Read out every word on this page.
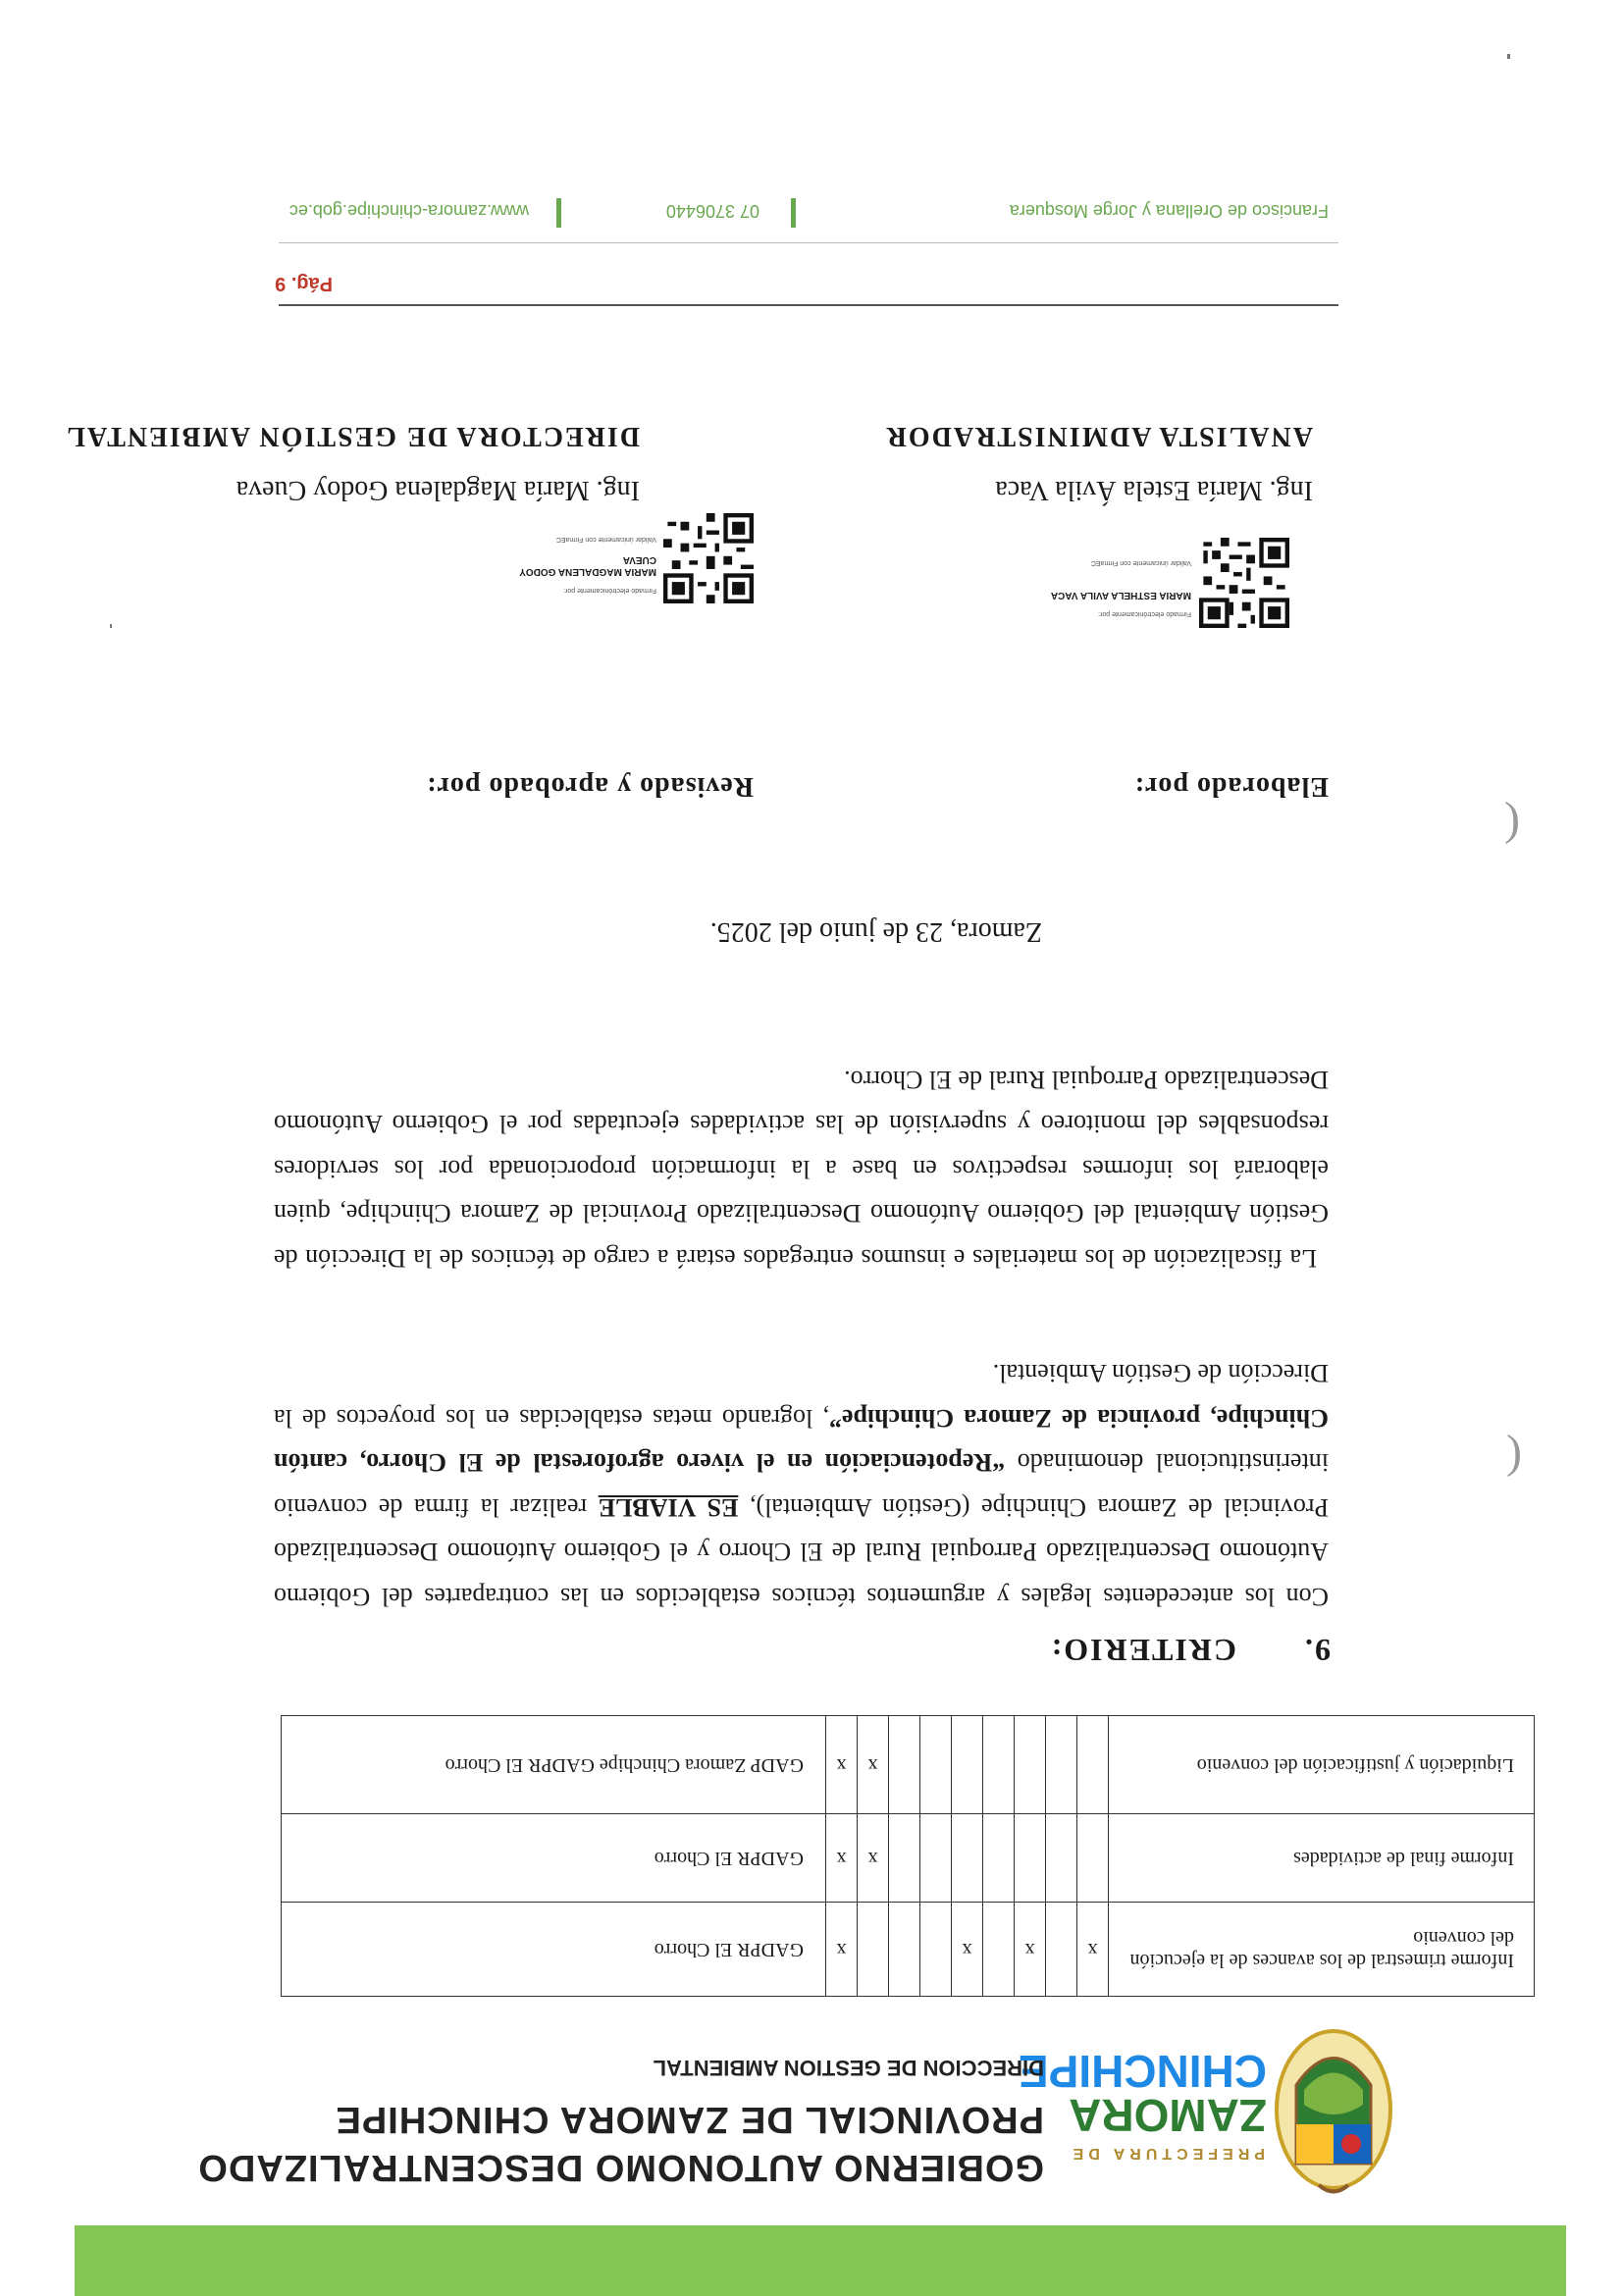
PREFECTURA DE
ZAMORA
CHINCHIPE
GOBIERNO AUTONOMO DESCENTRALIZADO
PROVINCIAL DE ZAMORA CHINCHIPE
DIRECCION DE GESTION AMBIENTAL
Informe trimestral de los avances de la ejecución del convenio	x		x		x				x	GADPR El Chorro
Informe final de actividades								x	x	GADPR El Chorro
Liquidación y justificación del convenio								x	x	GADP Zamora Chinchipe GADPR El Chorro
9.  CRITERIO:
Con los antecedentes legales y argumentos técnicos establecidos en las contrapartes del Gobierno Autónomo Descentralizado Parroquial Rural de El Chorro y el Gobierno Autónomo Descentralizado Provincial de Zamora Chinchipe (Gestión Ambiental), ES VIABLE realizar la firma de convenio interinstitucional denominado “Repotenciación en el vivero agroforestal de El Chorro, cantón Chinchipe, provincia de Zamora Chinchipe”, logrando metas establecidas en los proyectos de la Dirección de Gestión Ambiental.
La fiscalización de los materiales e insumos entregados estará a cargo de técnicos de la Dirección de Gestión Ambiental del Gobierno Autónomo Descentralizado Provincial de Zamora Chinchipe, quien elaborará los informes respectivos en base a la información proporcionada por los servidores responsables del monitoreo y supervisión de las actividades ejecutadas por el Gobierno Autónomo Descentralizado Parroquial Rural de El Chorro.
Zamora, 23 de junio del 2025.
Elaborado por:
Revisado y aprobado por:
Firmado electrónicamente por:
MARIA ESTHELA AVILA VACA
Validar únicamente con FirmaEC
Firmado electrónicamente por:
MARIA MAGDALENA GODOY CUEVA
Validar únicamente con FirmaEC
Ing. María Estela Ávila Vaca
Ing. María Magdalena Godoy Cueva
ANALISTA ADMINISTRADOR
DIRECTORA DE GESTIÓN AMBIENTAL
Pág. 9
Francisco de Orellana y Jorge Mosquera
07 3706440
www.zamora-chinchipe.gob.ec
(
(
